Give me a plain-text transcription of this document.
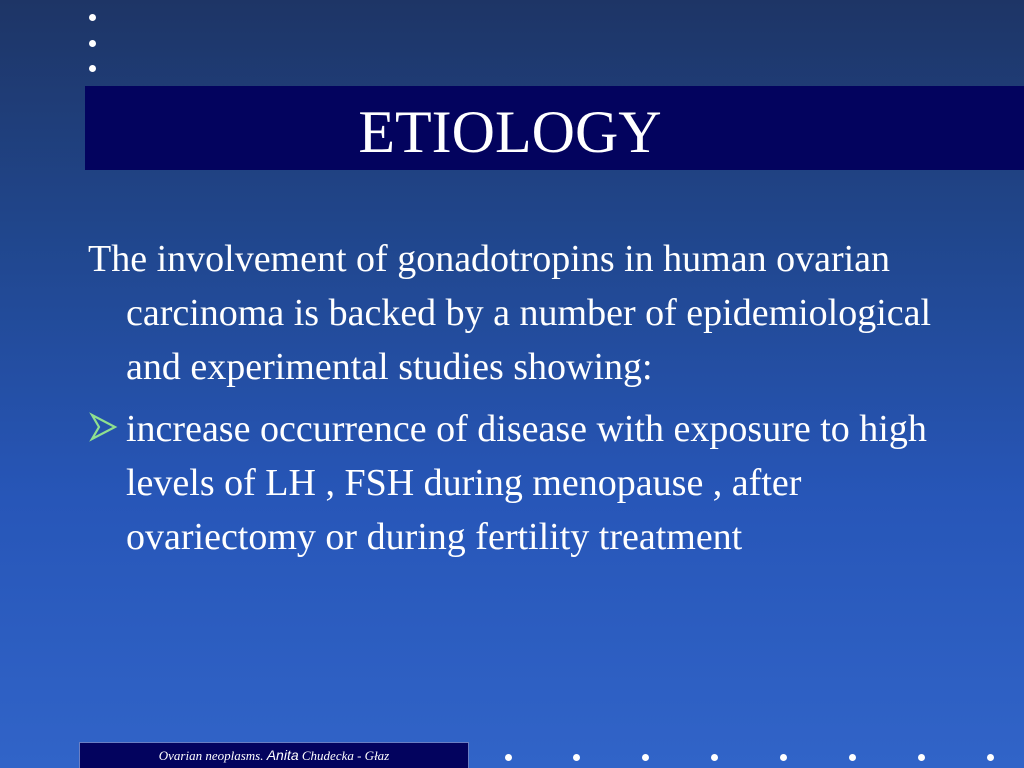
ETIOLOGY

The involvement of gonadotropins in human ovarian carcinoma is backed by a number of epidemiological and experimental studies showing:

increase occurrence of disease with exposure to high levels of LH , FSH during menopause , after ovariectomy or during fertility treatment
Ovarian neoplasms. Anita Chudecka - Głaz
